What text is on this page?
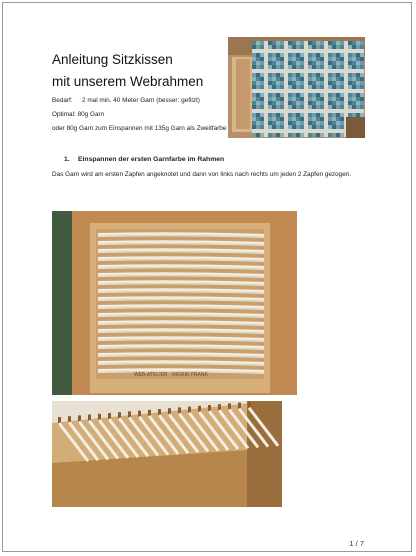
Anleitung Sitzkissen
mit unserem Webrahmen
Bedarf: 2 mal min. 40 Meter Garn (besser: gefilzt)
Optimal: 80g Garn
oder 80g Garn zum Einspannen mit 135g Garn als Zweitfarbe
1. Einspannen der ersten Garnfarbe im Rahmen
Das Garn wird am ersten Zapfen angeknotet und dann von links nach rechts um jeden 2 Zapfen gezogen.
WEB-ATELIER · INGRID FRANK
1 / 7
